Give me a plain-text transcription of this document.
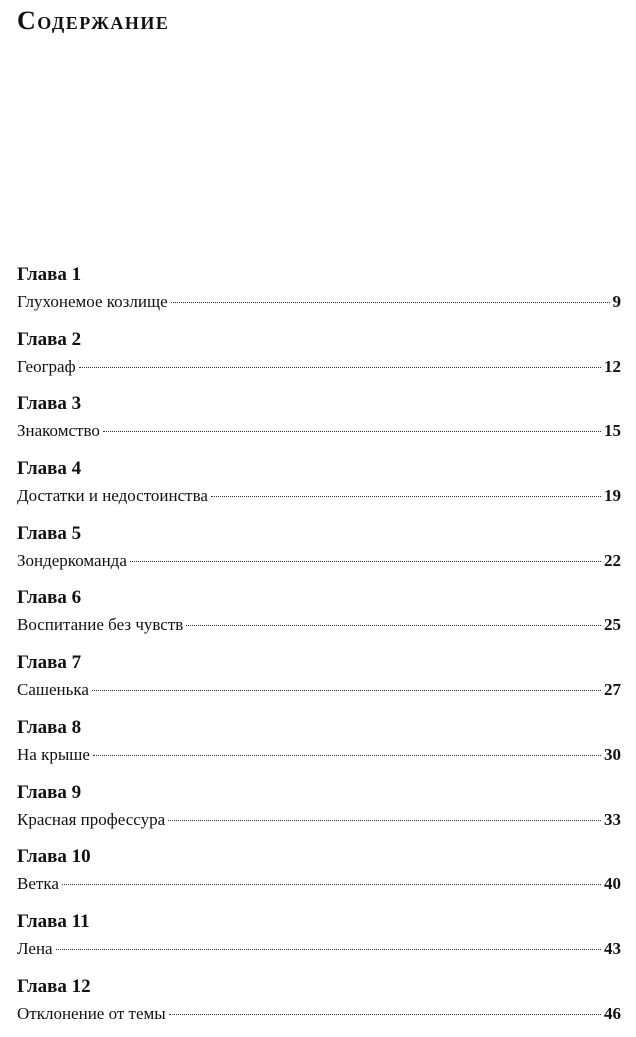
Содержание
Глава 1
Глухонемое козлище	9
Глава 2
Географ	12
Глава 3
Знакомство	15
Глава 4
Достатки и недостоинства	19
Глава 5
Зондеркоманда	22
Глава 6
Воспитание без чувств	25
Глава 7
Сашенька	27
Глава 8
На крыше	30
Глава 9
Красная профессура	33
Глава 10
Ветка	40
Глава 11
Лена	43
Глава 12
Отклонение от темы	46
